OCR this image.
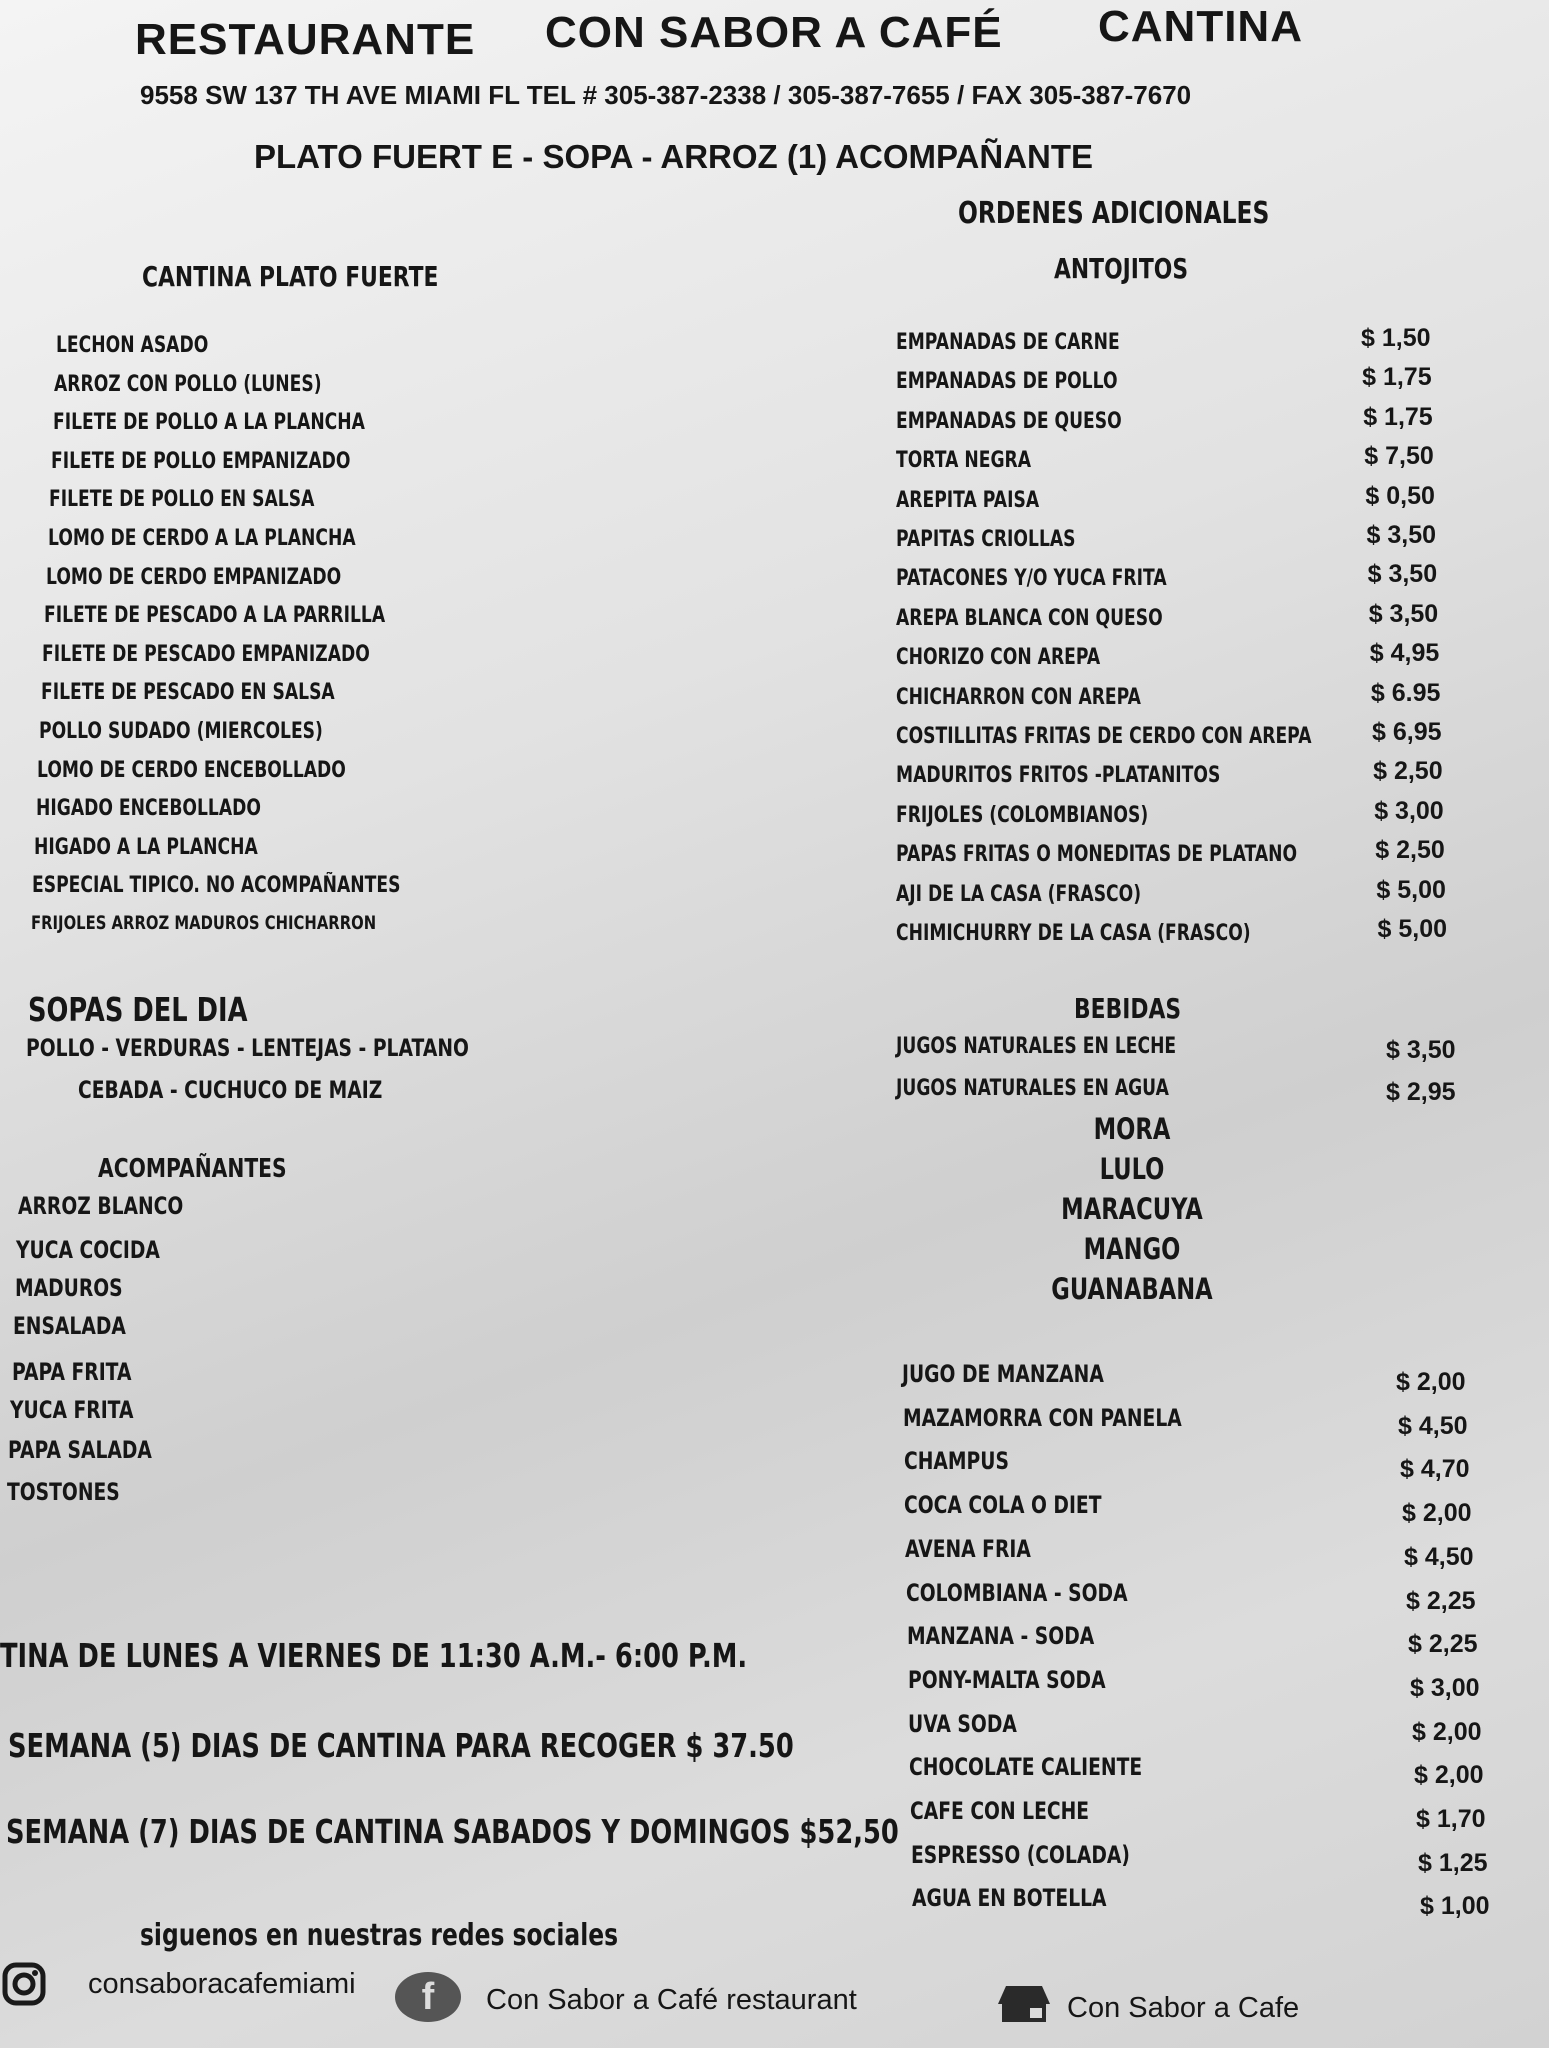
RESTAURANTE CON SABOR A CAFÉ CANTINA
9558 SW 137 TH AVE MIAMI FL TEL # 305-387-2338 / 305-387-7655 / FAX 305-387-7670
PLATO FUERT E - SOPA - ARROZ (1) ACOMPAÑANTE
CANTINA PLATO FUERTE
LECHON ASADO
ARROZ CON POLLO (LUNES)
FILETE DE POLLO A LA PLANCHA
FILETE DE POLLO EMPANIZADO
FILETE DE POLLO EN SALSA
LOMO DE CERDO A LA PLANCHA
LOMO DE CERDO EMPANIZADO
FILETE DE PESCADO A LA PARRILLA
FILETE DE PESCADO EMPANIZADO
FILETE DE PESCADO EN SALSA
POLLO SUDADO (MIERCOLES)
LOMO DE CERDO ENCEBOLLADO
HIGADO ENCEBOLLADO
HIGADO A LA PLANCHA
ESPECIAL TIPICO. NO ACOMPAÑANTES
FRIJOLES ARROZ MADUROS CHICHARRON
SOPAS DEL DIA
POLLO - VERDURAS - LENTEJAS - PLATANO
CEBADA - CUCHUCO DE MAIZ
ACOMPAÑANTES
ARROZ BLANCO
YUCA COCIDA
MADUROS
ENSALADA
PAPA FRITA
YUCA FRITA
PAPA SALADA
TOSTONES
TINA DE LUNES A VIERNES DE 11:30 A.M.- 6:00 P.M.
SEMANA (5) DIAS DE CANTINA PARA RECOGER $ 37.50
SEMANA (7) DIAS DE CANTINA SABADOS Y DOMINGOS $52,50
siguenos en nuestras redes sociales
ORDENES ADICIONALES
ANTOJITOS
EMPANADAS DE CARNE	$ 1,50
EMPANADAS DE POLLO	$ 1,75
EMPANADAS DE QUESO	$ 1,75
TORTA NEGRA	$ 7,50
AREPITA PAISA	$ 0,50
PAPITAS CRIOLLAS	$ 3,50
PATACONES Y/O YUCA FRITA	$ 3,50
AREPA BLANCA CON QUESO	$ 3,50
CHORIZO CON AREPA	$ 4,95
CHICHARRON CON AREPA	$ 6.95
COSTILLITAS FRITAS DE CERDO CON AREPA $ 6,95
MADURITOS FRITOS -PLATANITOS	$ 2,50
FRIJOLES (COLOMBIANOS)	$ 3,00
PAPAS FRITAS O MONEDITAS DE PLATANO	$ 2,50
AJI DE LA CASA (FRASCO)	$ 5,00
CHIMICHURRY DE LA CASA (FRASCO)	$ 5,00
BEBIDAS
JUGOS NATURALES EN LECHE	$ 3,50
JUGOS NATURALES EN AGUA	$ 2,95
MORA
LULO
MARACUYA
MANGO
GUANABANA
JUGO DE MANZANA	$ 2,00
MAZAMORRA CON PANELA	$ 4,50
CHAMPUS	$ 4,70
COCA COLA O DIET	$ 2,00
AVENA FRIA	$ 4,50
COLOMBIANA - SODA	$ 2,25
MANZANA - SODA	$ 2,25
PONY-MALTA SODA	$ 3,00
UVA SODA	$ 2,00
CHOCOLATE CALIENTE	$ 2,00
CAFE CON LECHE	$ 1,70
ESPRESSO (COLADA)	$ 1,25
AGUA EN BOTELLA	$ 1,00
consaboracafemiami f Con Sabor a Café restaurant	Con Sabor a Cafe
